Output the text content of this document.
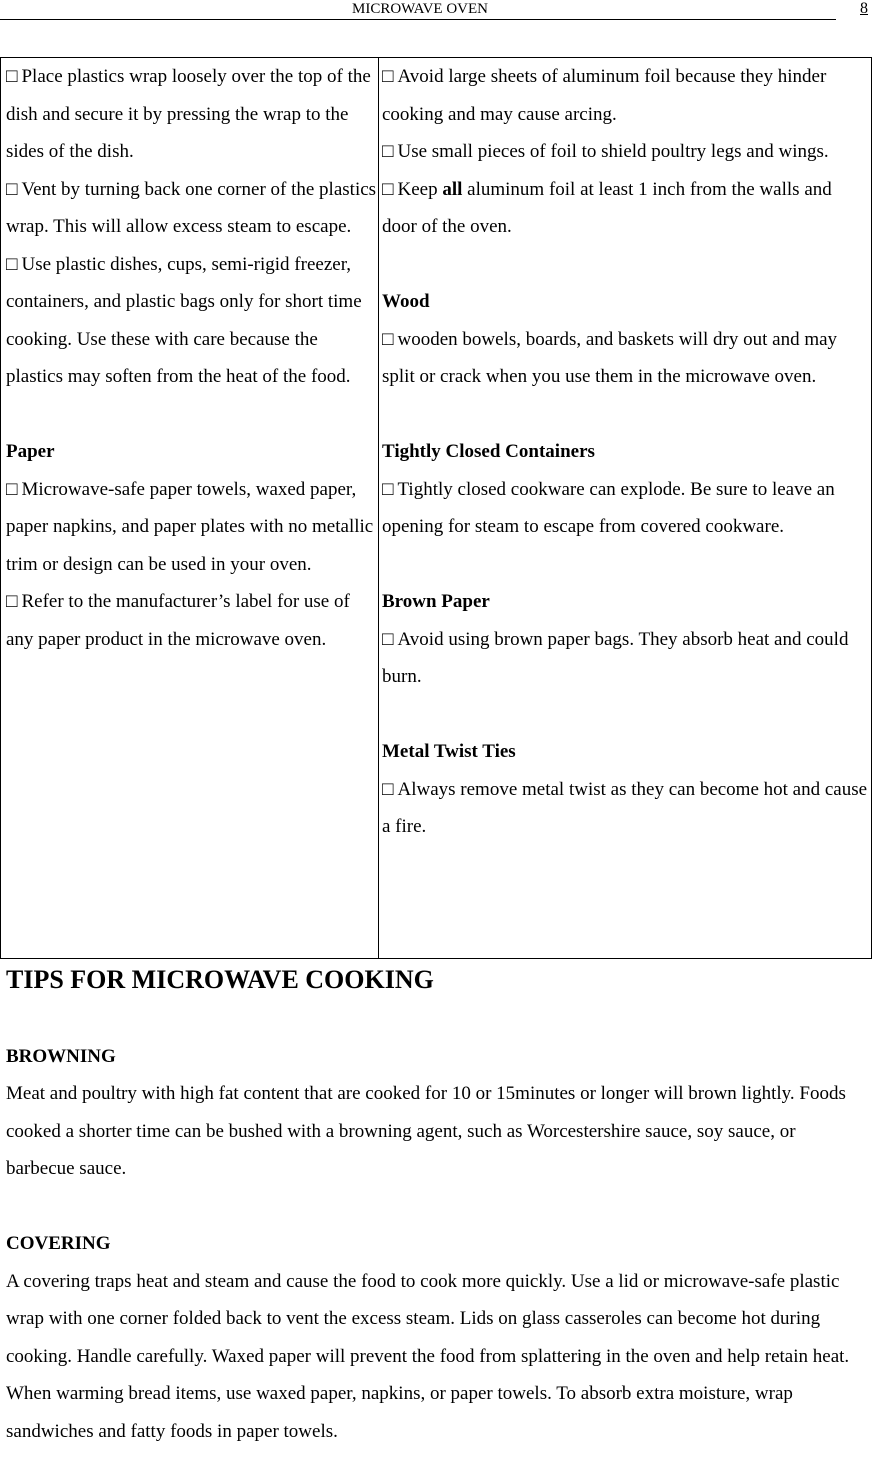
MICROWAVE OVEN	8

□ Place plastics wrap loosely over the top of the dish and secure it by pressing the wrap to the sides of the dish.

□ Vent by turning back one corner of the plastics wrap. This will allow excess steam to escape.

□ Use plastic dishes, cups, semi-rigid freezer, containers, and plastic bags only for short time cooking. Use these with care because the plastics may soften from the heat of the food.

Paper

□ Microwave-safe paper towels, waxed paper, paper napkins, and paper plates with no metallic trim or design can be used in your oven.

□ Refer to the manufacturer’s label for use of any paper product in the microwave oven.

□ Avoid large sheets of aluminum foil because they hinder cooking and may cause arcing.

□ Use small pieces of foil to shield poultry legs and wings.

□ Keep all aluminum foil at least 1 inch from the walls and door of the oven.

Wood

□ wooden bowels, boards, and baskets will dry out and may split or crack when you use them in the microwave oven.

Tightly Closed Containers

□ Tightly closed cookware can explode. Be sure to leave an opening for steam to escape from covered cookware.

Brown Paper

□ Avoid using brown paper bags. They absorb heat and could burn.

Metal Twist Ties

□ Always remove metal twist as they can become hot and cause a fire.

TIPS FOR MICROWAVE COOKING

BROWNING

Meat and poultry with high fat content that are cooked for 10 or 15minutes or longer will brown lightly. Foods cooked a shorter time can be bushed with a browning agent, such as Worcestershire sauce, soy sauce, or barbecue sauce.

COVERING

A covering traps heat and steam and cause the food to cook more quickly. Use a lid or microwave-safe plastic wrap with one corner folded back to vent the excess steam. Lids on glass casseroles can become hot during cooking. Handle carefully. Waxed paper will prevent the food from splattering in the oven and help retain heat. When warming bread items, use waxed paper, napkins, or paper towels. To absorb extra moisture, wrap sandwiches and fatty foods in paper towels.
